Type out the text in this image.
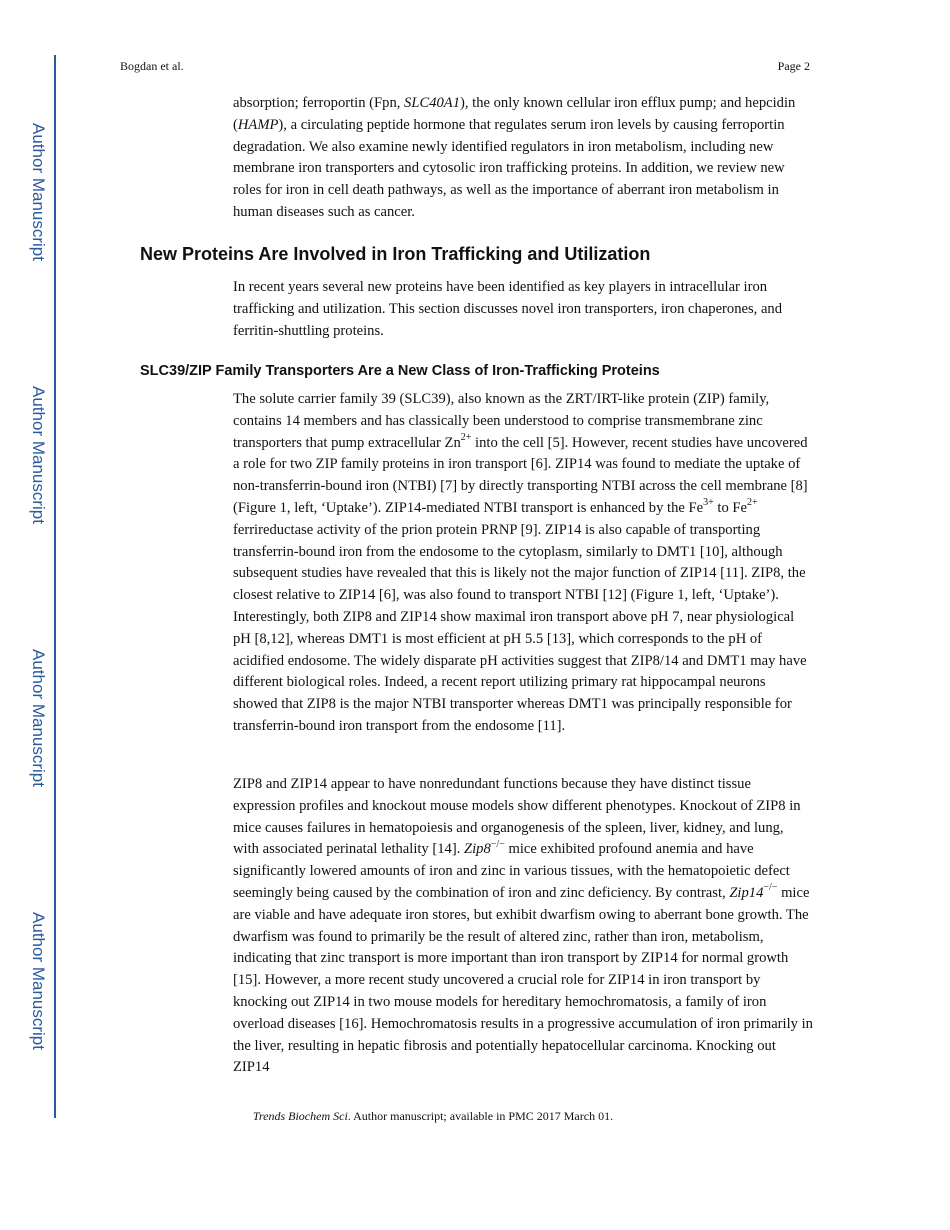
Author Manuscript
Author Manuscript
Author Manuscript
Author Manuscript
Bogdan et al.	Page 2

absorption; ferroportin (Fpn, SLC40A1), the only known cellular iron efflux pump; and hepcidin (HAMP), a circulating peptide hormone that regulates serum iron levels by causing ferroportin degradation. We also examine newly identified regulators in iron metabolism, including new membrane iron transporters and cytosolic iron trafficking proteins. In addition, we review new roles for iron in cell death pathways, as well as the importance of aberrant iron metabolism in human diseases such as cancer.

New Proteins Are Involved in Iron Trafficking and Utilization

In recent years several new proteins have been identified as key players in intracellular iron trafficking and utilization. This section discusses novel iron transporters, iron chaperones, and ferritin-shuttling proteins.

SLC39/ZIP Family Transporters Are a New Class of Iron-Trafficking Proteins

The solute carrier family 39 (SLC39), also known as the ZRT/IRT-like protein (ZIP) family, contains 14 members and has classically been understood to comprise transmembrane zinc transporters that pump extracellular $Zn^{2+}$ into the cell [5]. However, recent studies have uncovered a role for two ZIP family proteins in iron transport [6]. ZIP14 was found to mediate the uptake of non-transferrin-bound iron (NTBI) [7] by directly transporting NTBI across the cell membrane [8] (Figure 1, left, ‘Uptake’). ZIP14-mediated NTBI transport is enhanced by the $Fe^{3+}$ to $Fe^{2+}$ ferrireductase activity of the prion protein PRNP [9]. ZIP14 is also capable of transporting transferrin-bound iron from the endosome to the cytoplasm, similarly to DMT1 [10], although subsequent studies have revealed that this is likely not the major function of ZIP14 [11]. ZIP8, the closest relative to ZIP14 [6], was also found to transport NTBI [12] (Figure 1, left, ‘Uptake’). Interestingly, both ZIP8 and ZIP14 show maximal iron transport above pH 7, near physiological pH [8,12], whereas DMT1 is most efficient at pH 5.5 [13], which corresponds to the pH of acidified endosome. The widely disparate pH activities suggest that ZIP8/14 and DMT1 may have different biological roles. Indeed, a recent report utilizing primary rat hippocampal neurons showed that ZIP8 is the major NTBI transporter whereas DMT1 was principally responsible for transferrin-bound iron transport from the endosome [11].

ZIP8 and ZIP14 appear to have nonredundant functions because they have distinct tissue expression profiles and knockout mouse models show different phenotypes. Knockout of ZIP8 in mice causes failures in hematopoiesis and organogenesis of the spleen, liver, kidney, and lung, with associated perinatal lethality [14]. Zip8−/− mice exhibited profound anemia and have significantly lowered amounts of iron and zinc in various tissues, with the hematopoietic defect seemingly being caused by the combination of iron and zinc deficiency. By contrast, Zip14−/− mice are viable and have adequate iron stores, but exhibit dwarfism owing to aberrant bone growth. The dwarfism was found to primarily be the result of altered zinc, rather than iron, metabolism, indicating that zinc transport is more important than iron transport by ZIP14 for normal growth [15]. However, a more recent study uncovered a crucial role for ZIP14 in iron transport by knocking out ZIP14 in two mouse models for hereditary hemochromatosis, a family of iron overload diseases [16]. Hemochromatosis results in a progressive accumulation of iron primarily in the liver, resulting in hepatic fibrosis and potentially hepatocellular carcinoma. Knocking out ZIP14

Trends Biochem Sci. Author manuscript; available in PMC 2017 March 01.
